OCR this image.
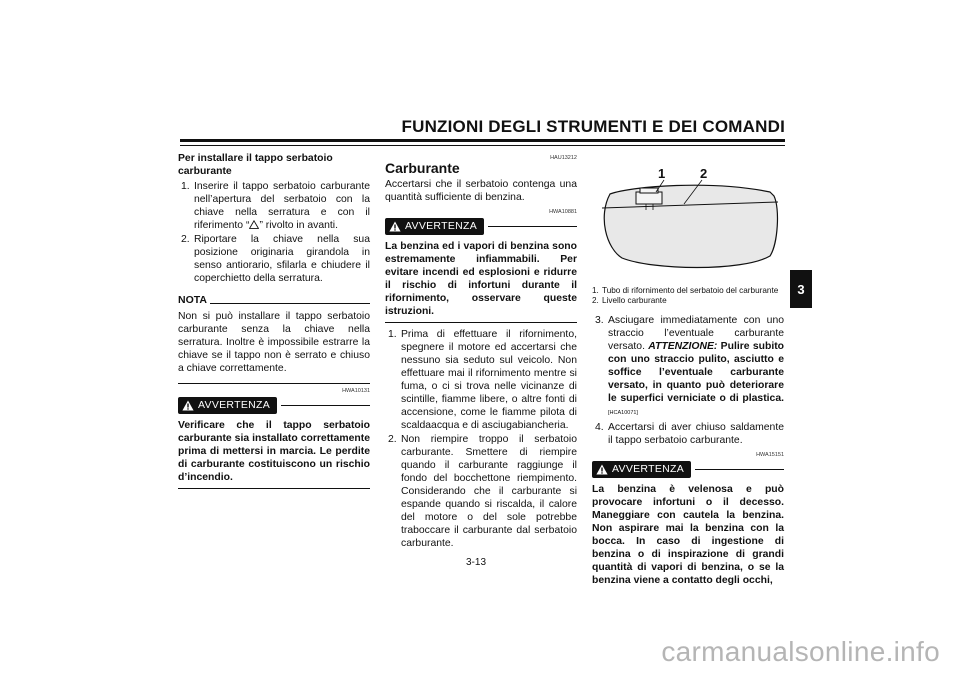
FUNZIONI DEGLI STRUMENTI E DEI COMANDI
3

Per installare il tappo serbatoio carburante

1. Inserire il tappo serbatoio carburante nell’apertura del serbatoio con la chiave nella serratura e con il riferimento “ ” rivolto in avanti.
2. Riportare la chiave nella sua posizione originaria girandola in senso antiorario, sfilarla e chiudere il coperchietto della serratura.
NOTA

Non si può installare il tappo serbatoio carburante senza la chiave nella serratura. Inoltre è impossibile estrarre la chiave se il tappo non è serrato e chiuso a chiave correttamente.

HWA10131
AVVERTENZA

Verificare che il tappo serbatoio carburante sia installato correttamente prima di mettersi in marcia. Le perdite di carburante costituiscono un rischio d’incendio.

HAU13212
Carburante

Accertarsi che il serbatoio contenga una quantità sufficiente di benzina.

HWA10881
AVVERTENZA

La benzina ed i vapori di benzina sono estremamente infiammabili. Per evitare incendi ed esplosioni e ridurre il rischio di infortuni durante il rifornimento, osservare queste istruzioni.

1. Prima di effettuare il rifornimento, spegnere il motore ed accertarsi che nessuno sia seduto sul veicolo. Non effettuare mai il rifornimento mentre si fuma, o ci si trova nelle vicinanze di scintille, fiamme libere, o altre fonti di accensione, come le fiamme pilota di scaldaacqua e di asciugabiancheria.
2. Non riempire troppo il serbatoio carburante. Smettere di riempire quando il carburante raggiunge il fondo del bocchettone riempimento. Considerando che il carburante si espande quando si riscalda, il calore del motore o del sole potrebbe traboccare il carburante dal serbatoio carburante.
1	2
1. Tubo di rifornimento del serbatoio del carburante
2. Livello carburante
3. Asciugare immediatamente con uno straccio l’eventuale carburante versato. ATTENZIONE: Pulire subito con uno straccio pulito, asciutto e soffice l’eventuale carburante versato, in quanto può deteriorare le superfici verniciate o di plastica. [HCA10071]
4. Accertarsi di aver chiuso saldamente il tappo serbatoio carburante.
HWA15151
AVVERTENZA

La benzina è velenosa e può provocare infortuni o il decesso. Maneggiare con cautela la benzina. Non aspirare mai la benzina con la bocca. In caso di ingestione di benzina o di inspirazione di grandi quantità di vapori di benzina, o se la benzina viene a contatto degli occhi,

3-13
carmanualsonline.info
